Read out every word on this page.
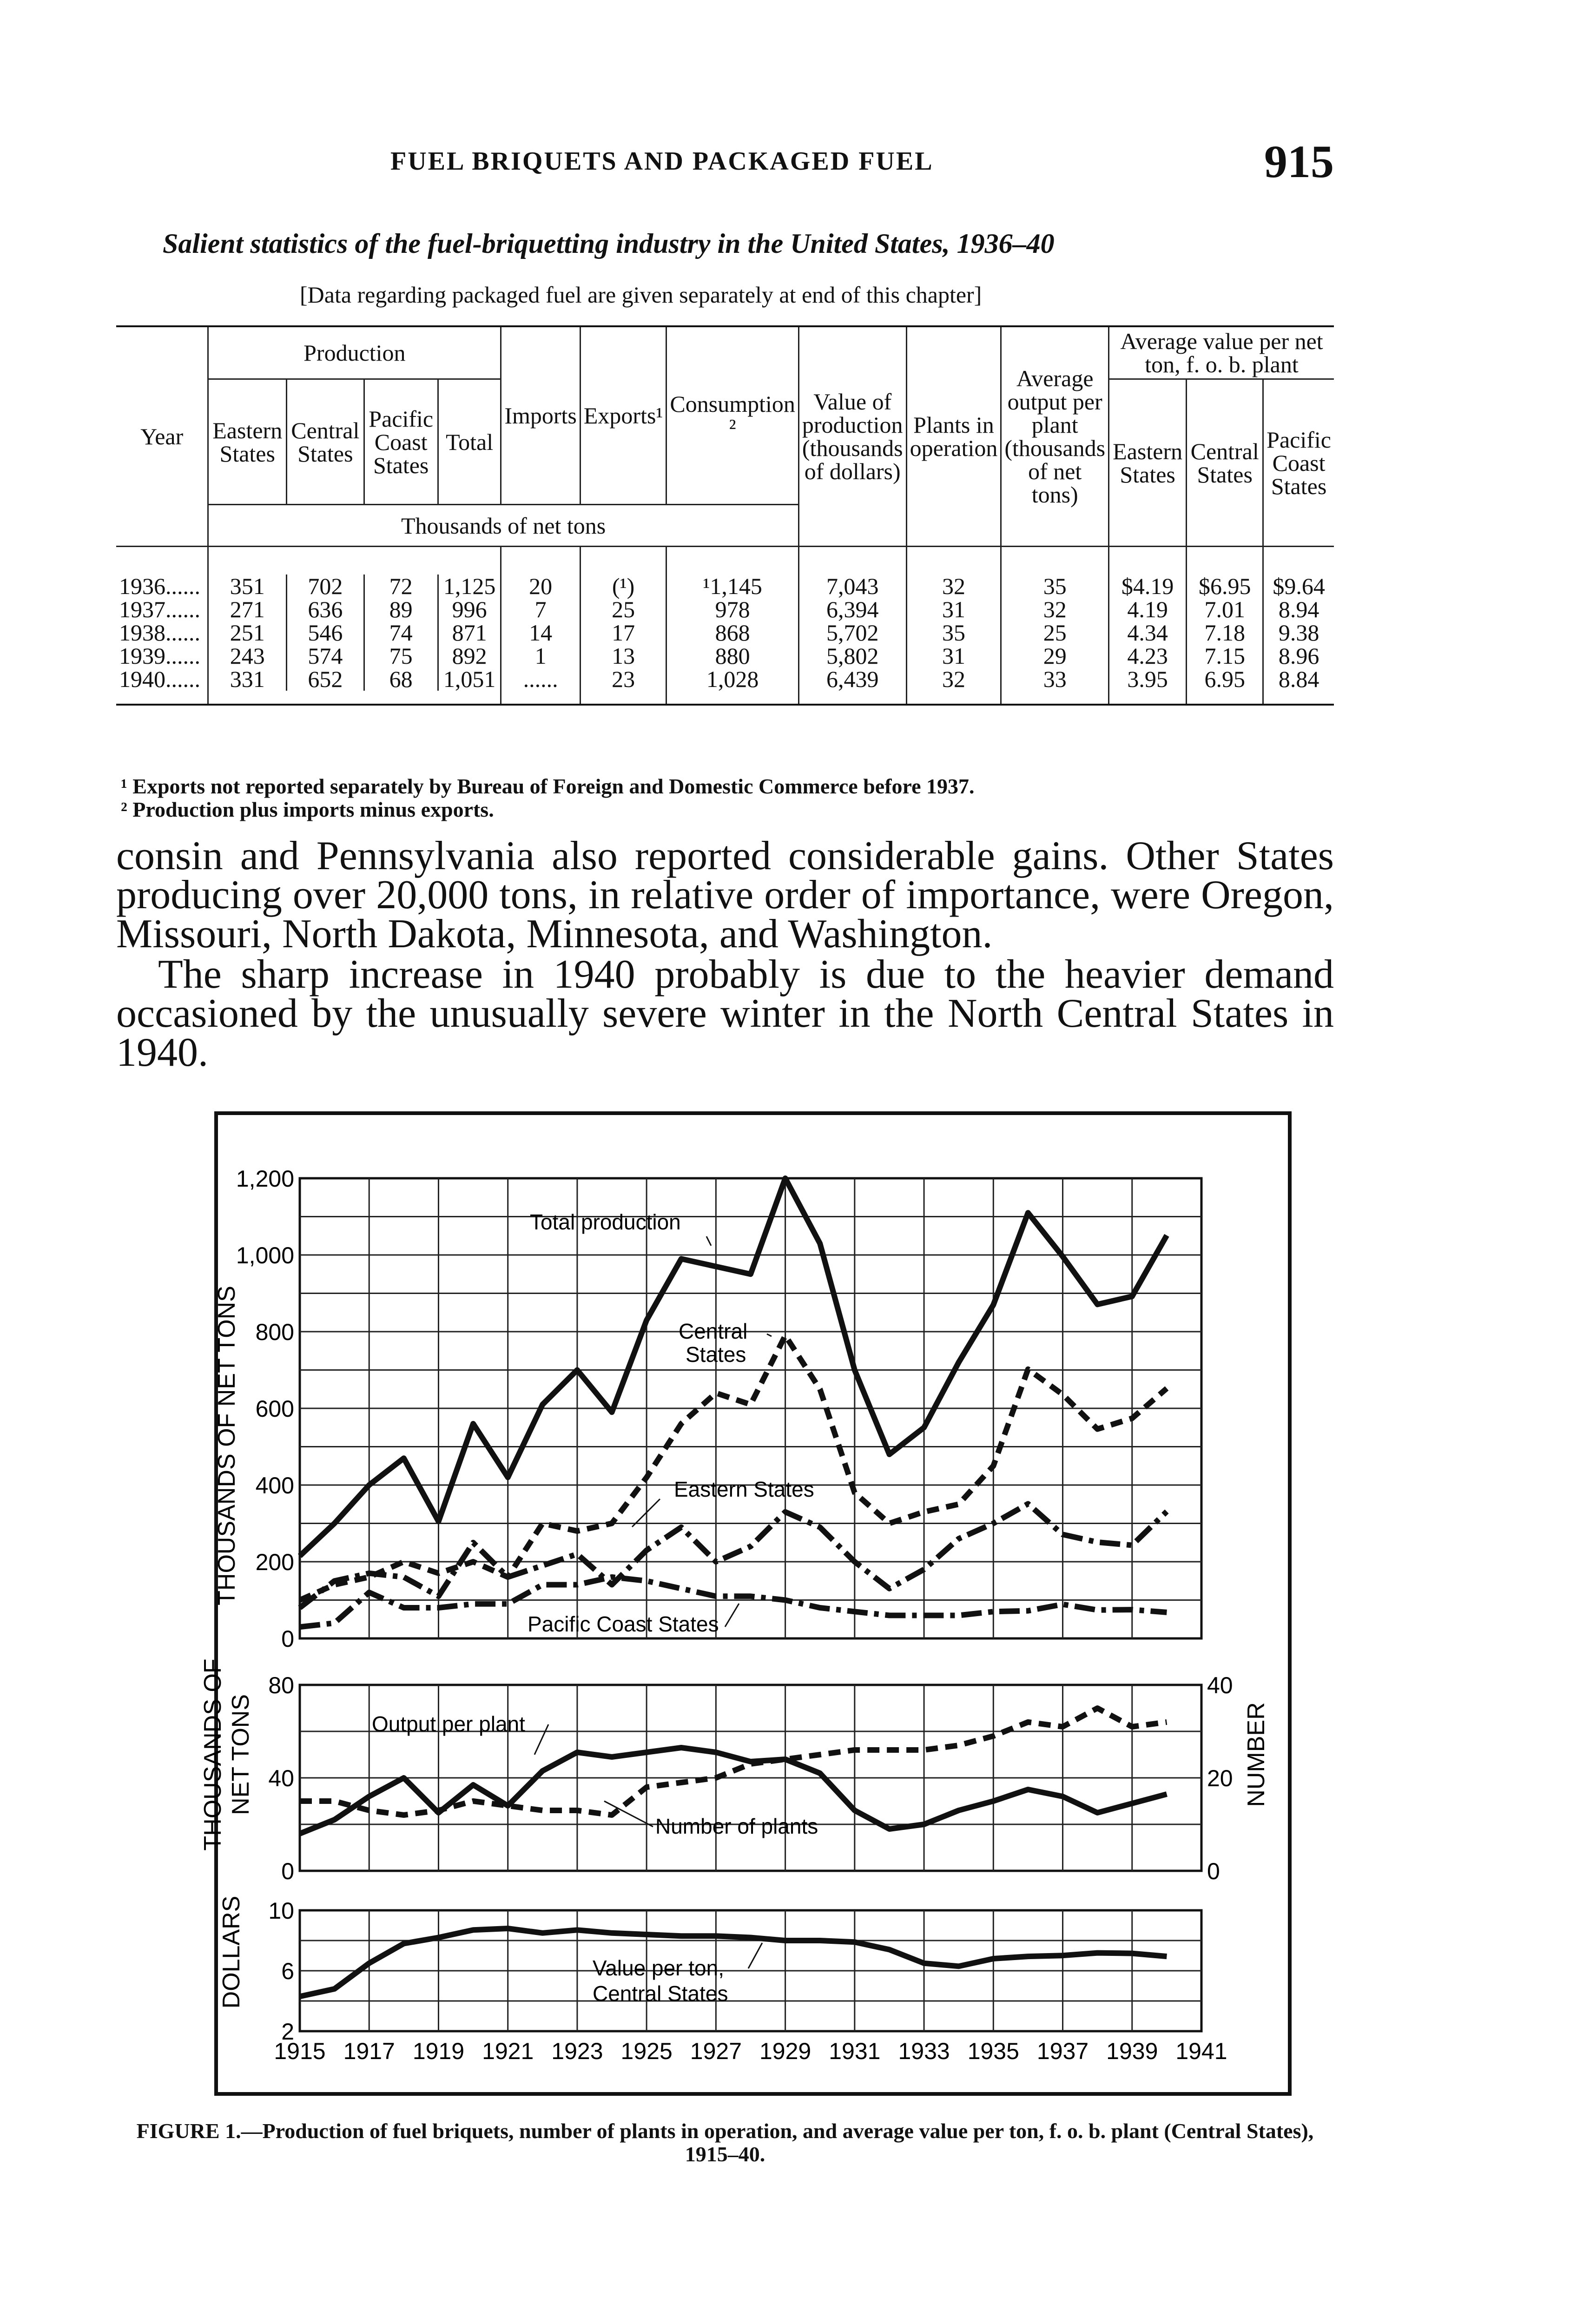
FUEL BRIQUETS AND PACKAGED FUEL	915
Salient statistics of the fuel-briquetting industry in the United States, 1936–40
[Data regarding packaged fuel are given separately at end of this chapter]
Year	Production				Imports	Exports¹	Consumption ²	Value of production (thousands of dollars)	Plants in operation	Average output per plant (thousands of net tons)	Average value per net ton, f. o. b. plant		
	Eastern States	Central States	Pacific Coast States	Total							Eastern States	Central States	Pacific Coast States
	Thousands of net tons												

1936......	351	702	72	1,125	20	(¹)	¹1,145	7,043	32	35	$4.19	$6.95	$9.64
1937......	271	636	89	996	7	25	978	6,394	31	32	4.19	7.01	8.94
1938......	251	546	74	871	14	17	868	5,702	35	25	4.34	7.18	9.38
1939......	243	574	75	892	1	13	880	5,802	31	29	4.23	7.15	8.96
1940......	331	652	68	1,051	......	23	1,028	6,439	32	33	3.95	6.95	8.84

¹ Exports not reported separately by Bureau of Foreign and Domestic Commerce before 1937.
² Production plus imports minus exports.
consin and Pennsylvania also reported considerable gains. Other States producing over 20,000 tons, in relative order of importance, were Oregon, Missouri, North Dakota, Minnesota, and Washington.
The sharp increase in 1940 probably is due to the heavier demand occasioned by the unusually severe winter in the North Central States in 1940.
0
200
400
600
800
1,000
1,200
Total production
Central
States
Eastern States
Pacific Coast States
0
40
80
0
20
40
Output per plant
Number of plants
2
6
10
1915 1917 1919 1921 1923 1925 1927 1929 1931 1933 1935 1937 1939 1941
Value per ton,
Central States
THOUSANDS OF NET TONS
THOUSANDS OF NET TONS	NUMBER
DOLLARS
FIGURE 1.—Production of fuel briquets, number of plants in operation, and average value per ton, f. o. b. plant (Central States), 1915–40.
